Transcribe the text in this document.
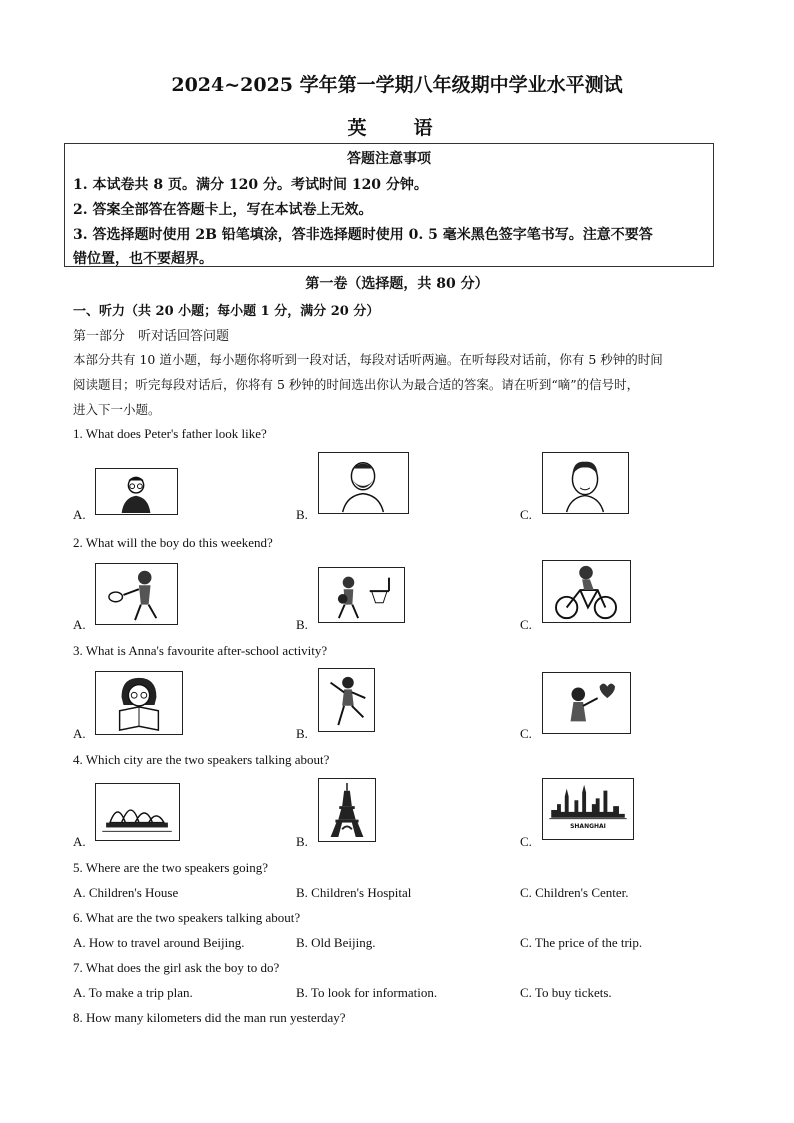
2024~2025 学年第一学期八年级期中学业水平测试
英　语
答题注意事项
1. 本试卷共 8 页。满分 120 分。考试时间 120 分钟。
2. 答案全部答在答题卡上，写在本试卷上无效。
3. 答选择题时使用 2B 铅笔填涂，答非选择题时使用 0. 5 毫米黑色签字笔书写。注意不要答
错位置，也不要超界。
第一卷（选择题，共 80 分）
一、听力（共 20 小题；每小题 1 分，满分 20 分）
第一部分　听对话回答问题
本部分共有 10 道小题，每小题你将听到一段对话，每段对话听两遍。在听每段对话前，你有 5 秒钟的时间
阅读题目；听完每段对话后，你将有 5 秒钟的时间选出你认为最合适的答案。请在听到“嘀”的信号时，
进入下一小题。
1. What does Peter's father look like?
A.	B.	C.
2. What will the boy do this weekend?
A.	B.	C.
3. What is Anna's favourite after-school activity?
A.	B.	C.
4. Which city are the two speakers talking about?
A.	B.
SHANGHAI
C.
5. Where are the two speakers going?
A. Children's House	B. Children's Hospital	C. Children's Center.
6. What are the two speakers talking about?
A. How to travel around Beijing.	B. Old Beijing.	C. The price of the trip.
7. What does the girl ask the boy to do?
A. To make a trip plan.	B. To look for information.	C. To buy tickets.
8. How many kilometers did the man run yesterday?
